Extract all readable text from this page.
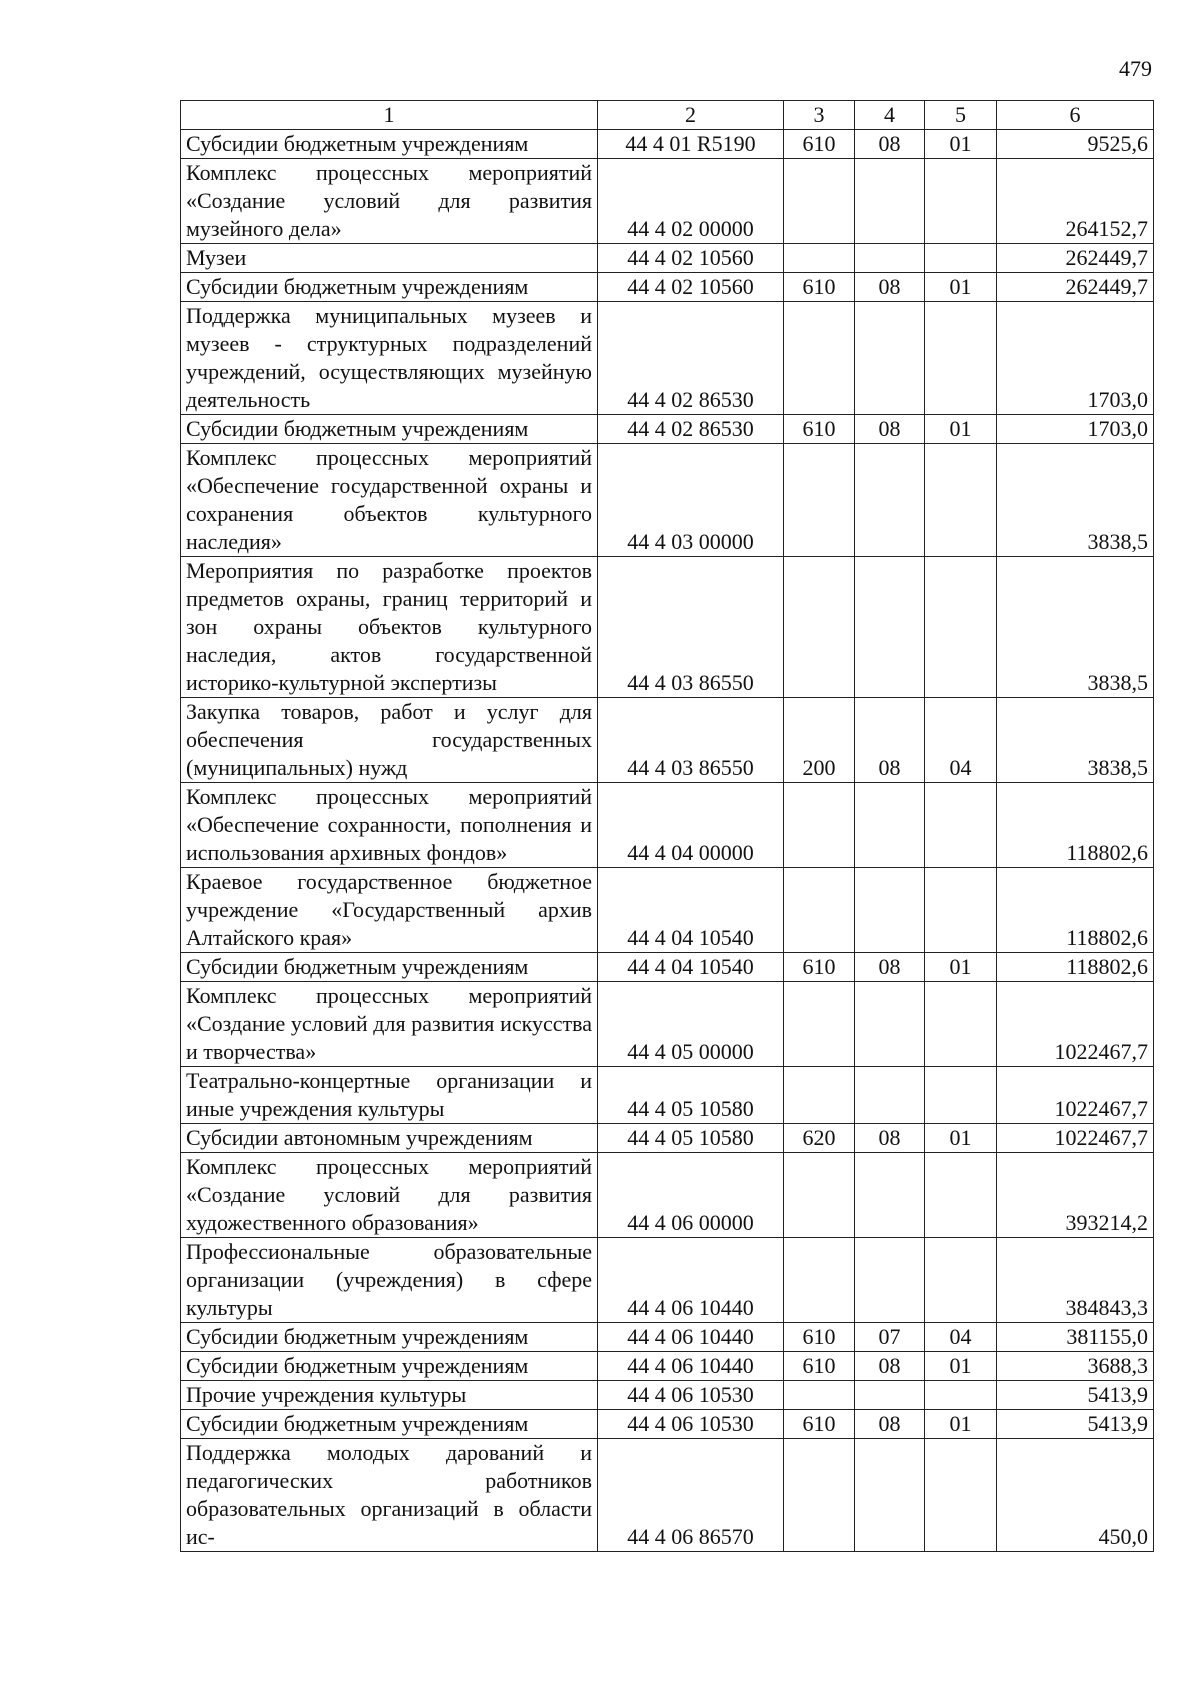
479
1	2	3	4	5	6
Субсидии бюджетным учреждениям	44 4 01 R5190	610	08	01	9525,6
Комплекс процессных мероприятий «Создание условий для развития музейного дела»	44 4 02 00000				264152,7
Музеи	44 4 02 10560				262449,7
Субсидии бюджетным учреждениям	44 4 02 10560	610	08	01	262449,7
Поддержка муниципальных музеев и музеев - структурных подразделений учреждений, осуществляющих музейную деятельность	44 4 02 86530				1703,0
Субсидии бюджетным учреждениям	44 4 02 86530	610	08	01	1703,0
Комплекс процессных мероприятий «Обеспечение государственной охраны и сохранения объектов культурного наследия»	44 4 03 00000				3838,5
Мероприятия по разработке проектов предметов охраны, границ территорий и зон охраны объектов культурного наследия, актов государственной историко-культурной экспертизы	44 4 03 86550				3838,5
Закупка товаров, работ и услуг для обеспечения государственных (муниципальных) нужд	44 4 03 86550	200	08	04	3838,5
Комплекс процессных мероприятий «Обеспечение сохранности, пополнения и использования архивных фондов»	44 4 04 00000				118802,6
Краевое государственное бюджетное учреждение «Государственный архив Алтайского края»	44 4 04 10540				118802,6
Субсидии бюджетным учреждениям	44 4 04 10540	610	08	01	118802,6
Комплекс процессных мероприятий «Создание условий для развития искусства и творчества»	44 4 05 00000				1022467,7
Театрально-концертные организации и иные учреждения культуры	44 4 05 10580				1022467,7
Субсидии автономным учреждениям	44 4 05 10580	620	08	01	1022467,7
Комплекс процессных мероприятий «Создание условий для развития художественного образования»	44 4 06 00000				393214,2
Профессиональные образовательные организации (учреждения) в сфере культуры	44 4 06 10440				384843,3
Субсидии бюджетным учреждениям	44 4 06 10440	610	07	04	381155,0
Субсидии бюджетным учреждениям	44 4 06 10440	610	08	01	3688,3
Прочие учреждения культуры	44 4 06 10530				5413,9
Субсидии бюджетным учреждениям	44 4 06 10530	610	08	01	5413,9
Поддержка молодых дарований и педагогических работников образовательных организаций в области ис-	44 4 06 86570				450,0
